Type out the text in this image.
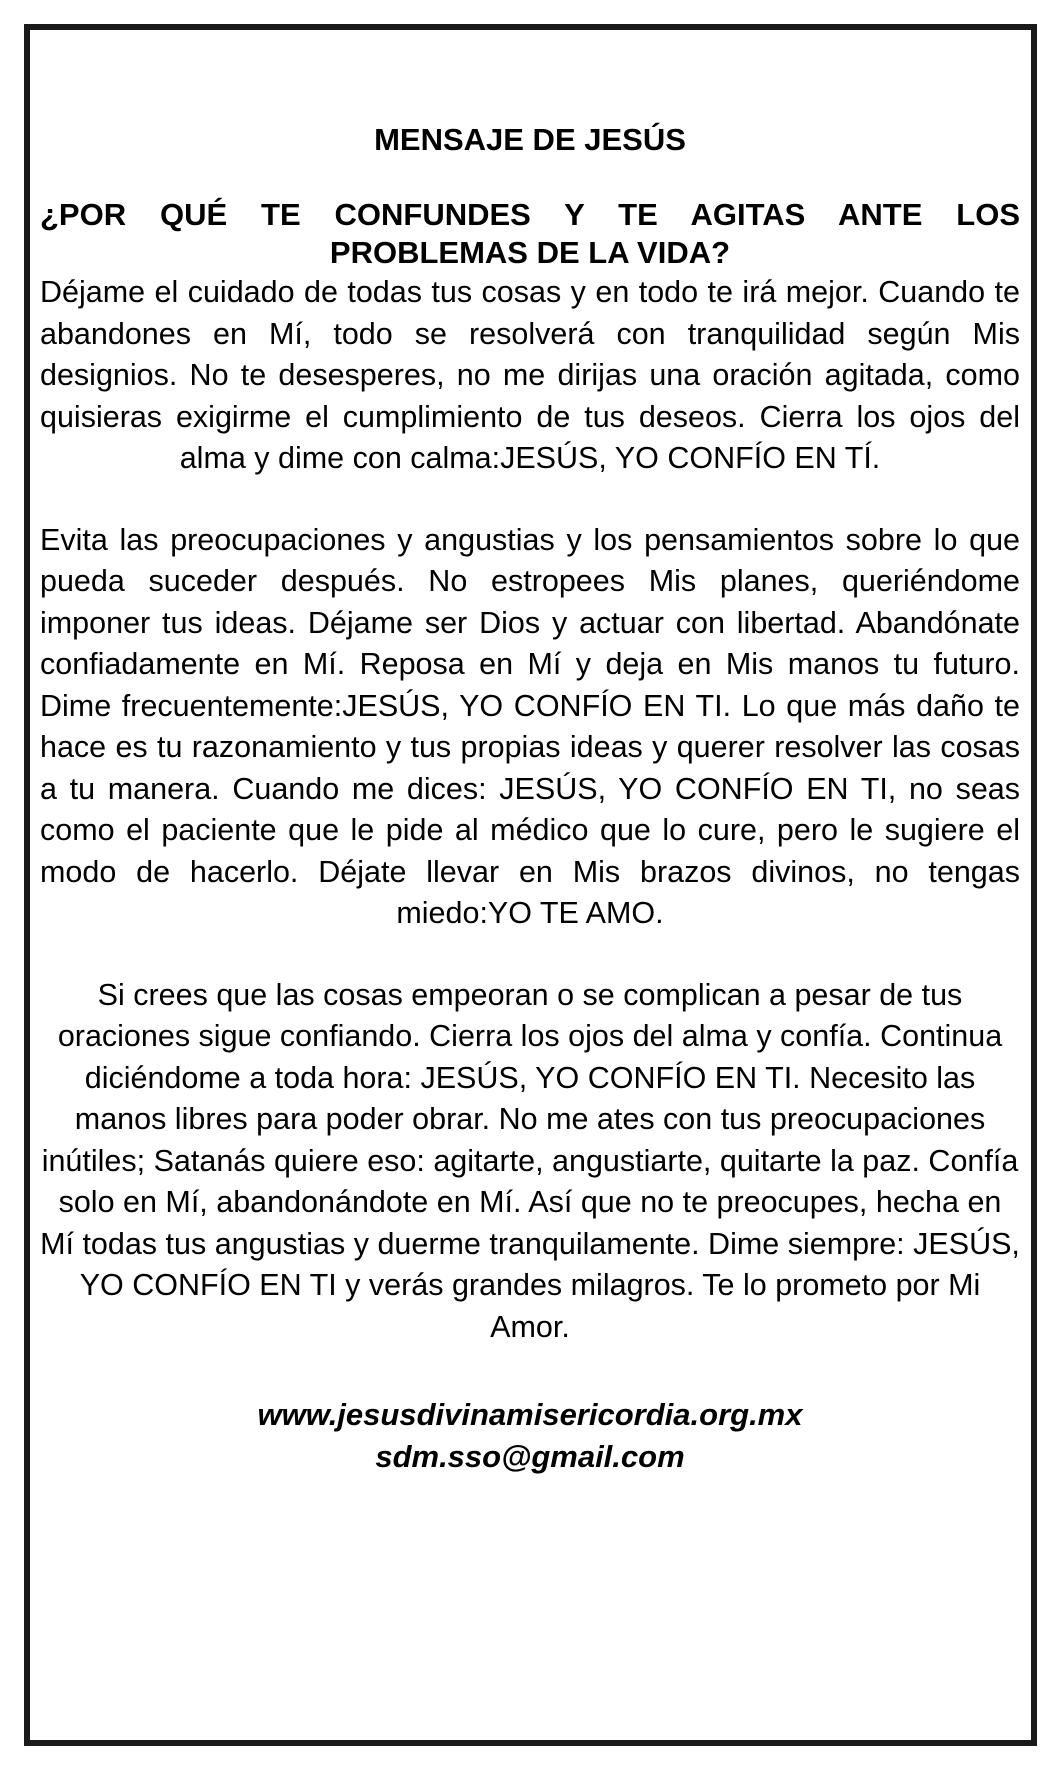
MENSAJE DE JESÚS

¿POR QUÉ TE CONFUNDES Y TE AGITAS ANTE LOS PROBLEMAS DE LA VIDA?

Déjame el cuidado de todas tus cosas y en todo te irá mejor. Cuando te abandones en Mí, todo se resolverá con tranquilidad según Mis designios. No te desesperes, no me dirijas una oración agitada, como quisieras exigirme el cumplimiento de tus deseos. Cierra los ojos del alma y dime con calma:JESÚS, YO CONFÍO EN TÍ.

Evita las preocupaciones y angustias y los pensamientos sobre lo que pueda suceder después. No estropees Mis planes, queriéndome imponer tus ideas. Déjame ser Dios y actuar con libertad. Abandónate confiadamente en Mí. Reposa en Mí y deja en Mis manos tu futuro. Dime frecuentemente:JESÚS, YO CONFÍO EN TI. Lo que más daño te hace es tu razonamiento y tus propias ideas y querer resolver las cosas a tu manera. Cuando me dices: JESÚS, YO CONFÍO EN TI, no seas como el paciente que le pide al médico que lo cure, pero le sugiere el modo de hacerlo. Déjate llevar en Mis brazos divinos, no tengas miedo:YO TE AMO.

Si crees que las cosas empeoran o se complican a pesar de tus oraciones sigue confiando. Cierra los ojos del alma y confía. Continua diciéndome a toda hora: JESÚS, YO CONFÍO EN TI. Necesito las manos libres para poder obrar. No me ates con tus preocupaciones inútiles; Satanás quiere eso: agitarte, angustiarte, quitarte la paz. Confía solo en Mí, abandonándote en Mí. Así que no te preocupes, hecha en Mí todas tus angustias y duerme tranquilamente. Dime siempre: JESÚS, YO CONFÍO EN TI y verás grandes milagros. Te lo prometo por Mi Amor.

www.jesusdivinamisericordia.org.mx
sdm.sso@gmail.com
